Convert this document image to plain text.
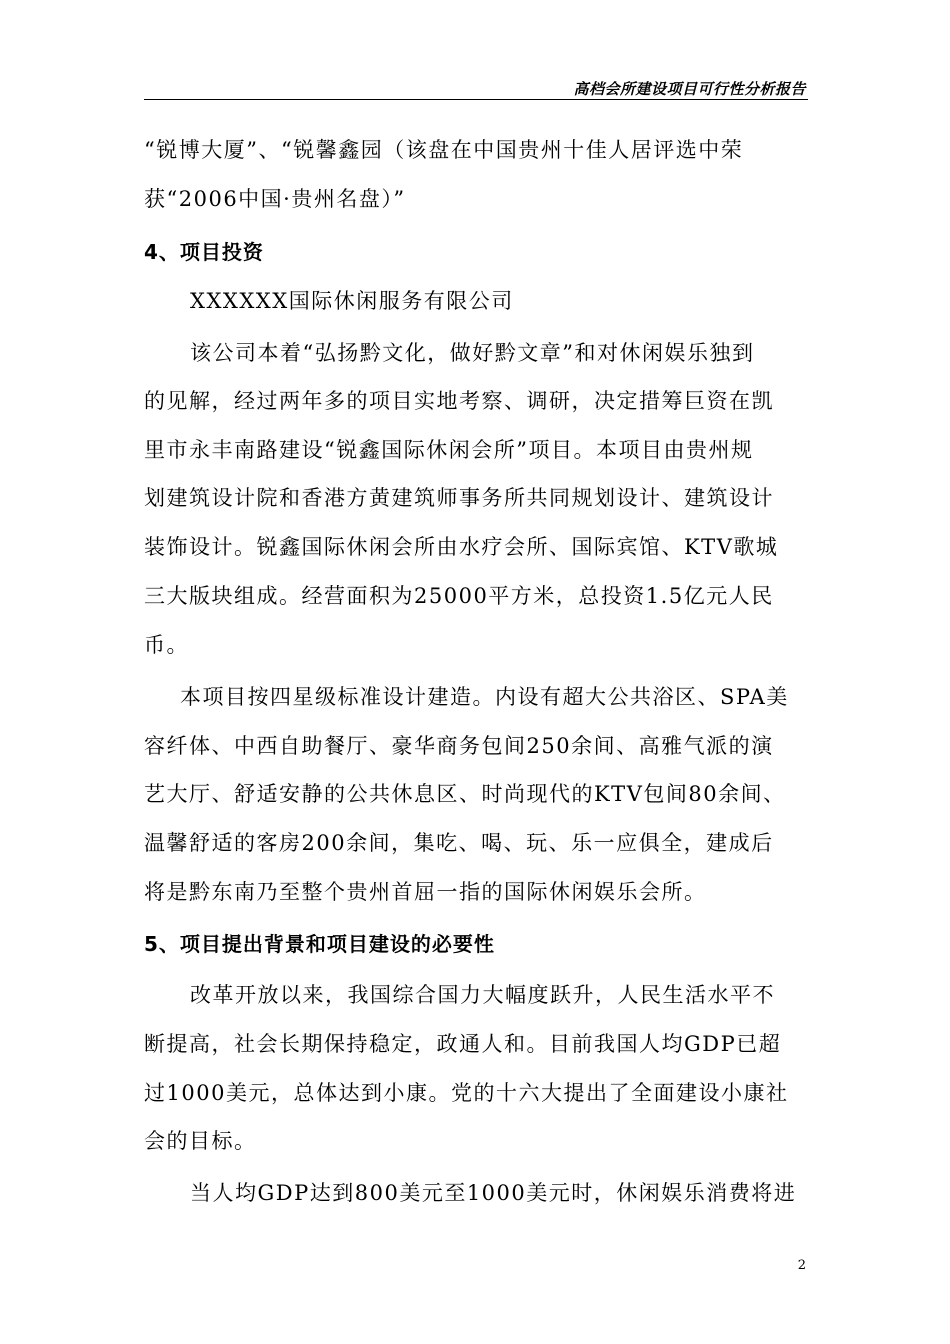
高档会所建设项目可行性分析报告
“锐博大厦”、“锐馨鑫园（该盘在中国贵州十佳人居评选中荣
获“2006中国·贵州名盘）”
4、项目投资
XXXXXX国际休闲服务有限公司
该公司本着“弘扬黔文化，做好黔文章”和对休闲娱乐独到
的见解，经过两年多的项目实地考察、调研，决定措筹巨资在凯
里市永丰南路建设“锐鑫国际休闲会所”项目。本项目由贵州规
划建筑设计院和香港方黄建筑师事务所共同规划设计、建筑设计
装饰设计。锐鑫国际休闲会所由水疗会所、国际宾馆、KTV歌城
三大版块组成。经营面积为25000平方米，总投资1.5亿元人民
币。
本项目按四星级标准设计建造。内设有超大公共浴区、SPA美
容纤体、中西自助餐厅、豪华商务包间250余间、高雅气派的演
艺大厅、舒适安静的公共休息区、时尚现代的KTV包间80余间、
温馨舒适的客房200余间，集吃、喝、玩、乐一应俱全，建成后
将是黔东南乃至整个贵州首屈一指的国际休闲娱乐会所。
5、项目提出背景和项目建设的必要性
改革开放以来，我国综合国力大幅度跃升，人民生活水平不
断提高，社会长期保持稳定，政通人和。目前我国人均GDP已超
过1000美元，总体达到小康。党的十六大提出了全面建设小康社
会的目标。
当人均GDP达到800美元至1000美元时，休闲娱乐消费将进
2
